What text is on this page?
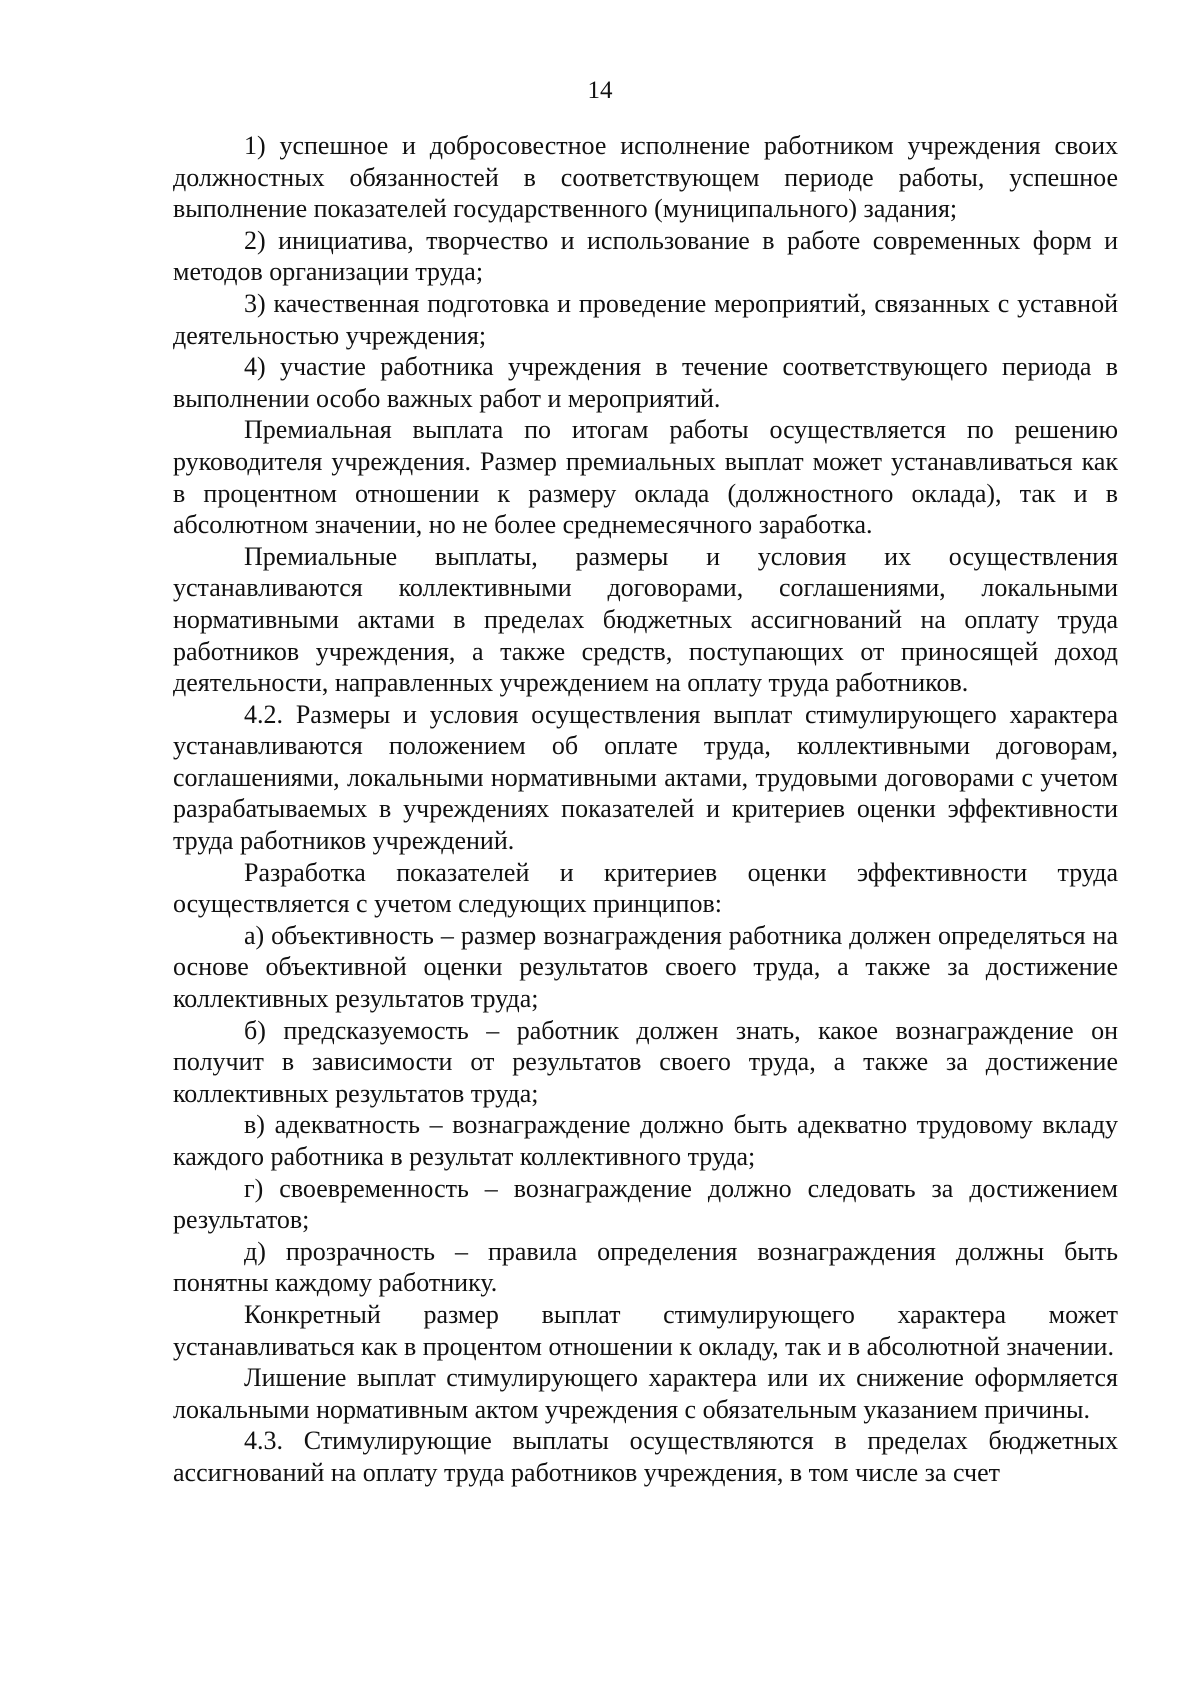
14

1) успешное и добросовестное исполнение работником учреждения своих должностных обязанностей в соответствующем периоде работы, успешное выполнение показателей государственного (муниципального) задания;

2) инициатива, творчество и использование в работе современных форм и методов организации труда;

3) качественная подготовка и проведение мероприятий, связанных с уставной деятельностью учреждения;

4) участие работника учреждения в течение соответствующего периода в выполнении особо важных работ и мероприятий.

Премиальная выплата по итогам работы осуществляется по решению руководителя учреждения. Размер премиальных выплат может устанавливаться как в процентном отношении к размеру оклада (должностного оклада), так и в абсолютном значении, но не более среднемесячного заработка.

Премиальные выплаты, размеры и условия их осуществления устанавливаются коллективными договорами, соглашениями, локальными нормативными актами в пределах бюджетных ассигнований на оплату труда работников учреждения, а также средств, поступающих от приносящей доход деятельности, направленных учреждением на оплату труда работников.

4.2. Размеры и условия осуществления выплат стимулирующего характера устанавливаются положением об оплате труда, коллективными договорам, соглашениями, локальными нормативными актами, трудовыми договорами с учетом разрабатываемых в учреждениях показателей и критериев оценки эффективности труда работников учреждений.

Разработка показателей и критериев оценки эффективности труда осуществляется с учетом следующих принципов:

а) объективность – размер вознаграждения работника должен определяться на основе объективной оценки результатов своего труда, а также за достижение коллективных результатов труда;

б) предсказуемость – работник должен знать, какое вознаграждение он получит в зависимости от результатов своего труда, а также за достижение коллективных результатов труда;

в) адекватность – вознаграждение должно быть адекватно трудовому вкладу каждого работника в результат коллективного труда;

г) своевременность – вознаграждение должно следовать за достижением результатов;

д) прозрачность – правила определения вознаграждения должны быть понятны каждому работнику.

Конкретный размер выплат стимулирующего характера может устанавливаться как в процентом отношении к окладу, так и в абсолютной значении.

Лишение выплат стимулирующего характера или их снижение оформляется локальными нормативным актом учреждения с обязательным указанием причины.

4.3. Стимулирующие выплаты осуществляются в пределах бюджетных ассигнований на оплату труда работников учреждения, в том числе за счет
